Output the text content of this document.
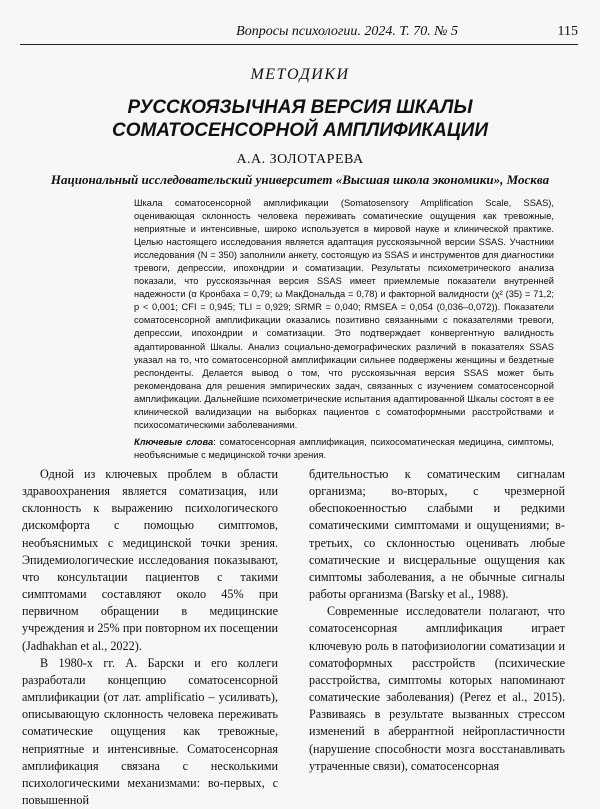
Вопросы психологии. 2024. Т. 70. № 5	115
МЕТОДИКИ
РУССКОЯЗЫЧНАЯ ВЕРСИЯ ШКАЛЫ СОМАТОСЕНСОРНОЙ АМПЛИФИКАЦИИ
А.А. ЗОЛОТАРЕВА
Национальный исследовательский университет «Высшая школа экономики», Москва

Шкала соматосенсорной амплификации (Somatosensory Amplification Scale, SSAS), оценивающая склонность человека переживать соматические ощущения как тревожные, неприятные и интенсивные, широко используется в мировой науке и клинической практике. Целью настоящего исследования является адаптация русскоязычной версии SSAS. Участники исследования (N = 350) заполнили анкету, состоящую из SSAS и инструментов для диагностики тревоги, депрессии, ипохондрии и соматизации. Результаты психометрического анализа показали, что русскоязычная версия SSAS имеет приемлемые показатели внутренней надежности (α Кронбаха = 0,79; ω МакДональда = 0,78) и факторной валидности (χ² (35) = 71,2; p < 0,001; CFI = 0,945; TLI = 0,929; SRMR = 0,040; RMSEA = 0,054 (0,036–0,072)). Показатели соматосенсорной амплификации оказались позитивно связанными с показателями тревоги, депрессии, ипохондрии и соматизации. Это подтверждает конвергентную валидность адаптированной Шкалы. Анализ социально-демографических различий в показателях SSAS указал на то, что соматосенсорной амплификации сильнее подвержены женщины и бездетные респонденты. Делается вывод о том, что русскоязычная версия SSAS может быть рекомендована для решения эмпирических задач, связанных с изучением соматосенсорной амплификации. Дальнейшие психометрические испытания адаптированной Шкалы состоят в ее клинической валидизации на выборках пациентов с соматоформными расстройствами и психосоматическими заболеваниями.

Ключевые слова: соматосенсорная амплификация, психосоматическая медицина, симптомы, необъяснимые с медицинской точки зрения.

Одной из ключевых проблем в области здравоохранения является соматизация, или склонность к выражению психологического дискомфорта с помощью симптомов, необъяснимых с медицинской точки зрения. Эпидемиологические исследования показывают, что консультации пациентов с такими симптомами составляют около 45% при первичном обращении в медицинские учреждения и 25% при повторном их посещении (Jadhakhan et al., 2022).

В 1980-х гг. А. Барски и его коллеги разработали концепцию соматосенсорной амплификации (от лат. amplificatio – усиливать), описывающую склонность человека переживать соматические ощущения как тревожные, неприятные и интенсивные. Соматосенсорная амплификация связана с несколькими психологическими механизмами: во-первых, с повышенной

бдительностью к соматическим сигналам организма; во-вторых, с чрезмерной обеспокоенностью слабыми и редкими соматическими симптомами и ощущениями; в-третьих, со склонностью оценивать любые соматические и висцеральные ощущения как симптомы заболевания, а не обычные сигналы работы организма (Barsky et al., 1988).

Современные исследователи полагают, что соматосенсорная амплификация играет ключевую роль в патофизиологии соматизации и соматоформных расстройств (психические расстройства, симптомы которых напоминают соматические заболевания) (Perez et al., 2015). Развиваясь в результате вызванных стрессом изменений в аберрантной нейропластичности (нарушение способности мозга восстанавливать утраченные связи), соматосенсорная
